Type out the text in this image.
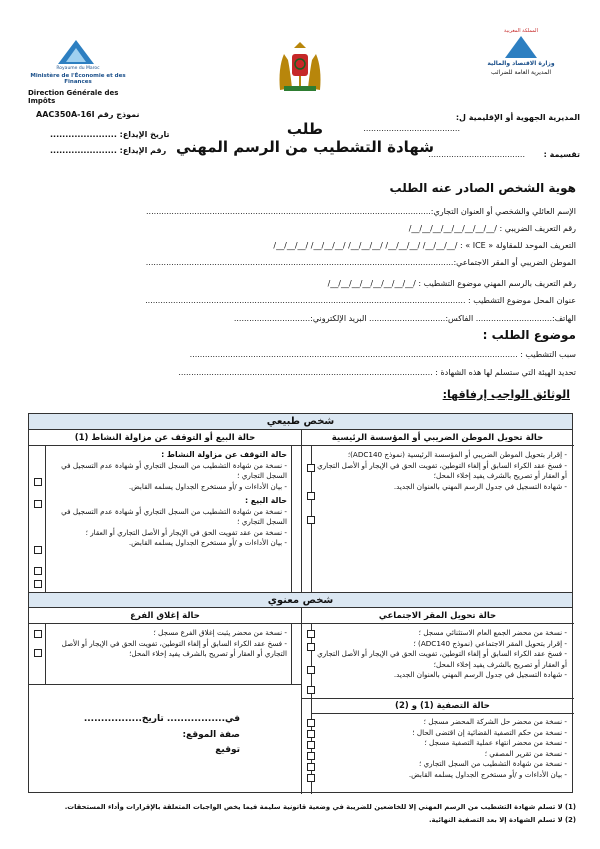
Royaume du Maroc
Ministère de l'Économie et des Finances
Direction Générale des Impôts
المملكة المغربية
وزارة الاقتصاد والمالية
المديرية العامة للضرائب
AAC350A-16I نموذج رقم	المديرية الجهوية أو الإقليمية ل:
......................................
تقسيمة :
......................................
تاريخ الإيداع: ......................
رقم الإيداع: ......................
طلب
شهادة التشطيب من الرسم المهني
هوية الشخص الصادر عنه الطلب
الإسم العائلي والشخصي أو العنوان التجاري:................................................................................................................
رقم التعريف الضريبي : /__/__/__/__/__/__/__/__/
التعريف الموحد للمقاولة « ICE » : /__/__/__/ /__/__/__/ /__/__/__/ /__/__/__/ /__/__/__/
الموطن الضريبي أو المقر الاجتماعي:.........................................................................................................................
رقم التعريف بالرسم المهني موضوع التشطيب : /__/__/__/__/__/__/__/__/
عنوان المحل موضوع التشطيب : ..............................................................................................................................
الهاتف:.............................. الفاكس:.............................. البريد الإلكتروني:..............................
موضوع الطلب :
سبب التشطيب : .................................................................................................................................
تحديد الهيئة التي ستسلم لها هذه الشهادة : ....................................................................................................
الوثائق الواجب إرفاقها:
شخص طبيعي
حالة تحويل الموطن الضريبي أو المؤسسة الرئيسية
حالة البيع أو التوقف عن مزاولة النشاط (1)
- إقرار بتحويل الموطن الضريبي أو المؤسسة الرئيسية (نموذج ADC140)؛
- فسخ عقد الكراء السابق أو إلغاء التوطين، تفويت الحق في الإيجار أو الأصل التجاري أو العقار أو تصريح بالشرف يفيد إخلاء المحل؛
- شهادة التسجيل في جدول الرسم المهني بالعنوان الجديد.
حالة التوقف عن مزاولة النشاط :
- نسخة من شهادة التشطيب من السجل التجاري أو شهادة عدم التسجيل في السجل التجاري ؛
- بيان الأداءات و /أو مستخرج الجداول يسلمه القابض.
حالة البيع :
- نسخة من شهادة التشطيب من السجل التجاري أو شهادة عدم التسجيل في السجل التجاري ؛
- نسخة من عقد تفويت الحق في الإيجار أو الأصل التجاري أو العقار ؛
- بيان الأداءات و /أو مستخرج الجداول يسلمه القابض.
شخص معنوي
حالة تحويل المقر الاجتماعي
حالة إغلاق الفرع
- نسخة من محضر الجمع العام الاستثنائي مسجل ؛
- إقرار بتحويل المقر الاجتماعي (نموذج ADC140) ؛
- فسخ عقد الكراء السابق أو إلغاء التوطين، تفويت الحق في الإيجار أو الأصل التجاري أو العقار أو تصريح بالشرف يفيد إخلاء المحل؛
- شهادة التسجيل في جدول الرسم المهني بالعنوان الجديد.
- نسخة من محضر يثبت إغلاق الفرع مسجل ؛
- فسخ عقد الكراء السابق أو إلغاء التوطين، تفويت الحق في الإيجار أو الأصل التجاري أو العقار أو تصريح بالشرف يفيد إخلاء المحل؛
حالة التصفية (1) و (2)
- نسخة من محضر حل الشركة المحضر مسجل ؛
- نسخة من حكم التصفية القضائية إن اقتضى الحال ؛
- نسخة من محضر انتهاء عملية التصفية مسجل ؛
- نسخة من تقرير المصفي ؛
- نسخة من شهادة التشطيب من السجل التجاري ؛
- بيان الأداءات و /أو مستخرج الجداول يسلمه القابض.
في................. تاريخ.................
صفة الموقع:
توقيع
(1) لا تسلم شهادة التشطيب من الرسم المهني إلا للخاضعين للضريبة في وضعية قانونية سليمة فيما يخص الواجبات المتعلقة بالإقرارات وأداء المستحقات.
(2) لا تسلم الشهادة إلا بعد التصفية النهائية.
